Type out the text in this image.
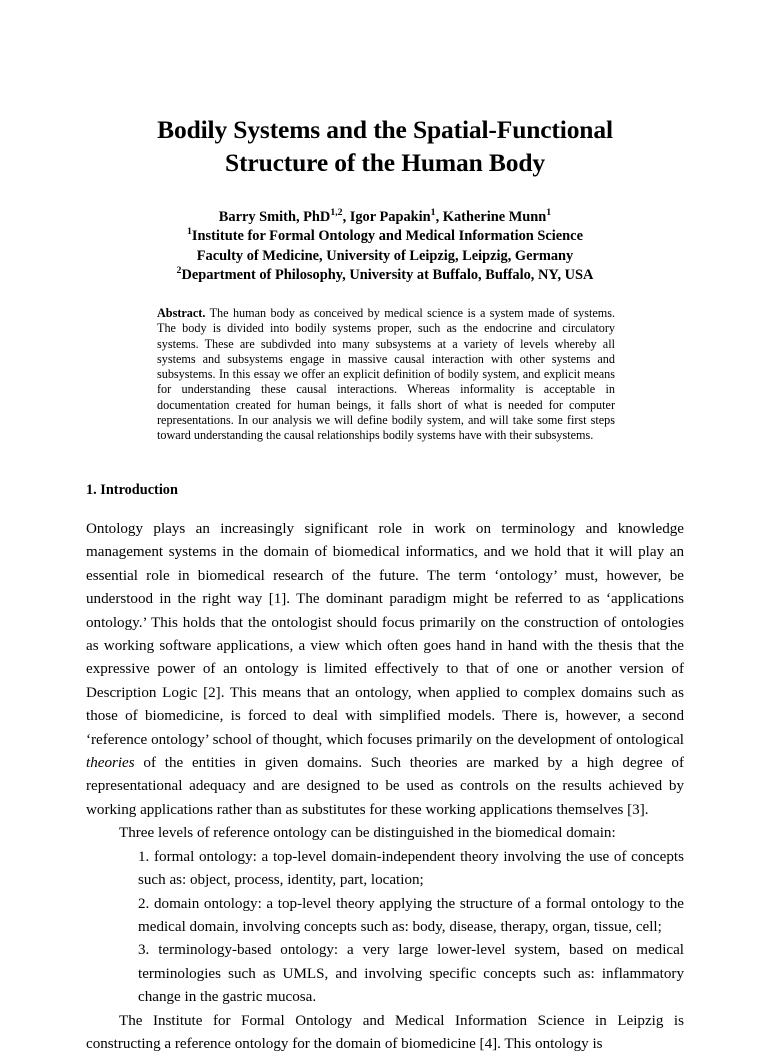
Bodily Systems and the Spatial-Functional
Structure of the Human Body
Barry Smith, PhD$^{1,2}$, Igor Papakin$^1$, Katherine Munn$^1$
$^1$Institute for Formal Ontology and Medical Information Science
Faculty of Medicine, University of Leipzig, Leipzig, Germany
$^2$Department of Philosophy, University at Buffalo, Buffalo, NY, USA
Abstract. The human body as conceived by medical science is a system made of systems. The body is divided into bodily systems proper, such as the endocrine and circulatory systems. These are subdivded into many subsystems at a variety of levels whereby all systems and subsystems engage in massive causal interaction with other systems and subsystems. In this essay we offer an explicit definition of bodily system, and explicit means for understanding these causal interactions. Whereas informality is acceptable in documentation created for human beings, it falls short of what is needed for computer representations. In our analysis we will define bodily system, and will take some first steps toward understanding the causal relationships bodily systems have with their subsystems.
1. Introduction

Ontology plays an increasingly significant role in work on terminology and knowledge management systems in the domain of biomedical informatics, and we hold that it will play an essential role in biomedical research of the future. The term ‘ontology’ must, however, be understood in the right way [1]. The dominant paradigm might be referred to as ‘applications ontology.’ This holds that the ontologist should focus primarily on the construction of ontologies as working software applications, a view which often goes hand in hand with the thesis that the expressive power of an ontology is limited effectively to that of one or another version of Description Logic [2]. This means that an ontology, when applied to complex domains such as those of biomedicine, is forced to deal with simplified models. There is, however, a second ‘reference ontology’ school of thought, which focuses primarily on the development of ontological theories of the entities in given domains. Such theories are marked by a high degree of representational adequacy and are designed to be used as controls on the results achieved by working applications rather than as substitutes for these working applications themselves [3].

Three levels of reference ontology can be distinguished in the biomedical domain:

1. formal ontology: a top-level domain-independent theory involving the use of concepts such as: object, process, identity, part, location;

2. domain ontology: a top-level theory applying the structure of a formal ontology to the medical domain, involving concepts such as: body, disease, therapy, organ, tissue, cell;

3. terminology-based ontology: a very large lower-level system, based on medical terminologies such as UMLS, and involving specific concepts such as: inflammatory change in the gastric mucosa.

The Institute for Formal Ontology and Medical Information Science in Leipzig is constructing a reference ontology for the domain of biomedicine [4]. This ontology is
